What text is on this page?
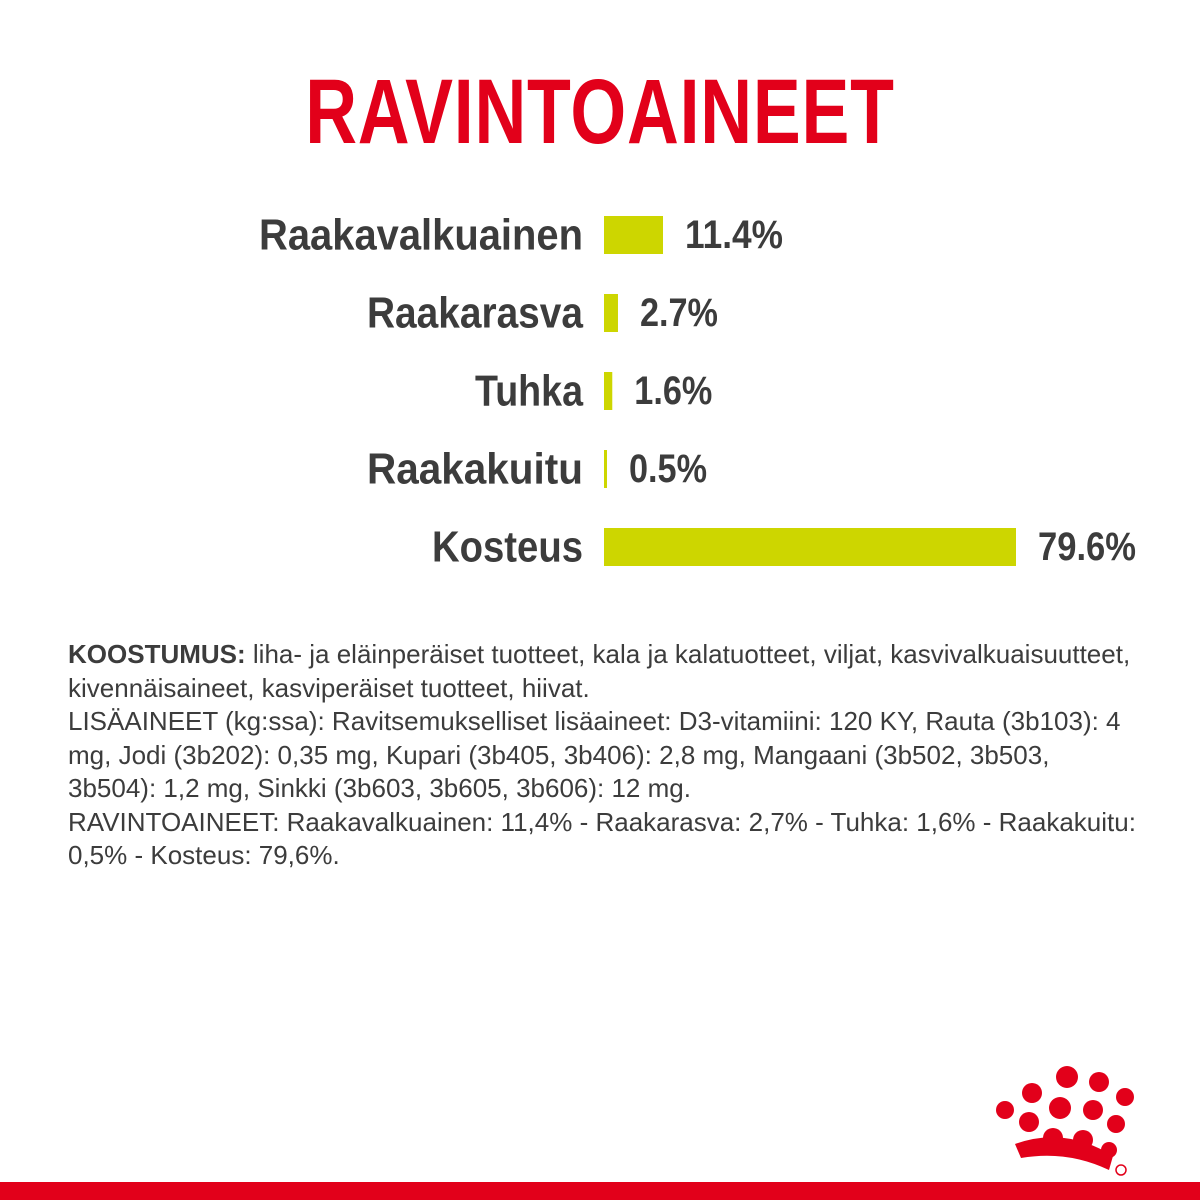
RAVINTOAINEET
Raakavalkuainen	11.4%
Raakarasva 2.7%
Tuhka 1.6%
Raakakuitu 0.5%
Kosteus	79.6%

KOOSTUMUS: liha- ja eläinperäiset tuotteet, kala ja kalatuotteet, viljat, kasvivalkuaisuutteet, kivennäisaineet, kasviperäiset tuotteet, hiivat.

LISÄAINEET (kg:ssa): Ravitsemukselliset lisäaineet: D3-vitamiini: 120 KY, Rauta (3b103): 4 mg, Jodi (3b202): 0,35 mg, Kupari (3b405, 3b406): 2,8 mg, Mangaani (3b502, 3b503, 3b504): 1,2 mg, Sinkki (3b603, 3b605, 3b606): 12 mg.

RAVINTOAINEET: Raakavalkuainen: 11,4% - Raakarasva: 2,7% - Tuhka: 1,6% - Raakakuitu: 0,5% - Kosteus: 79,6%.
